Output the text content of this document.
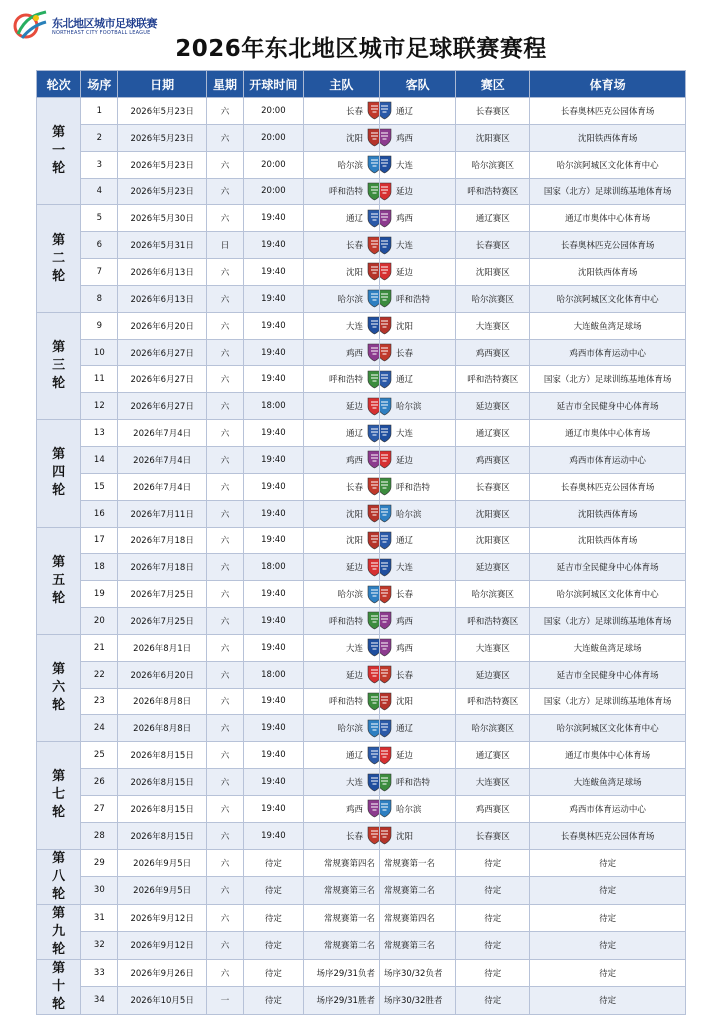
东北地区城市足球联赛
NORTHEAST CITY FOOTBALL LEAGUE
2026年东北地区城市足球联赛赛程
轮次	场序	日期	星期	开球时间	主队	客队	赛区	体育场

第
一
轮	1	2026年5月23日	六	20:00	长春	通辽	长春赛区	长春奥林匹克公园体育场
	2	2026年5月23日	六	20:00	沈阳	鸡西	沈阳赛区	沈阳铁西体育场
	3	2026年5月23日	六	20:00	哈尔滨	大连	哈尔滨赛区	哈尔滨阿城区文化体育中心
	4	2026年5月23日	六	20:00	呼和浩特	延边	呼和浩特赛区	国家（北方）足球训练基地体育场

第
二
轮	5	2026年5月30日	六	19:40	通辽	鸡西	通辽赛区	通辽市奥体中心体育场
	6	2026年5月31日	日	19:40	长春	大连	长春赛区	长春奥林匹克公园体育场
	7	2026年6月13日	六	19:40	沈阳	延边	沈阳赛区	沈阳铁西体育场
	8	2026年6月13日	六	19:40	哈尔滨	呼和浩特	哈尔滨赛区	哈尔滨阿城区文化体育中心

第
三
轮	9	2026年6月20日	六	19:40	大连	沈阳	大连赛区	大连鲅鱼湾足球场
	10	2026年6月27日	六	19:40	鸡西	长春	鸡西赛区	鸡西市体育运动中心
	11	2026年6月27日	六	19:40	呼和浩特	通辽	呼和浩特赛区	国家（北方）足球训练基地体育场
	12	2026年6月27日	六	18:00	延边	哈尔滨	延边赛区	延吉市全民健身中心体育场

第
四
轮	13	2026年7月4日	六	19:40	通辽	大连	通辽赛区	通辽市奥体中心体育场
	14	2026年7月4日	六	19:40	鸡西	延边	鸡西赛区	鸡西市体育运动中心
	15	2026年7月4日	六	19:40	长春	呼和浩特	长春赛区	长春奥林匹克公园体育场
	16	2026年7月11日	六	19:40	沈阳	哈尔滨	沈阳赛区	沈阳铁西体育场

第
五
轮	17	2026年7月18日	六	19:40	沈阳	通辽	沈阳赛区	沈阳铁西体育场
	18	2026年7月18日	六	18:00	延边	大连	延边赛区	延吉市全民健身中心体育场
	19	2026年7月25日	六	19:40	哈尔滨	长春	哈尔滨赛区	哈尔滨阿城区文化体育中心
	20	2026年7月25日	六	19:40	呼和浩特	鸡西	呼和浩特赛区	国家（北方）足球训练基地体育场

第
六
轮	21	2026年8月1日	六	19:40	大连	鸡西	大连赛区	大连鲅鱼湾足球场
	22	2026年6月20日	六	18:00	延边	长春	延边赛区	延吉市全民健身中心体育场
	23	2026年8月8日	六	19:40	呼和浩特	沈阳	呼和浩特赛区	国家（北方）足球训练基地体育场
	24	2026年8月8日	六	19:40	哈尔滨	通辽	哈尔滨赛区	哈尔滨阿城区文化体育中心

第
七
轮	25	2026年8月15日	六	19:40	通辽	延边	通辽赛区	通辽市奥体中心体育场
	26	2026年8月15日	六	19:40	大连	呼和浩特	大连赛区	大连鲅鱼湾足球场
	27	2026年8月15日	六	19:40	鸡西	哈尔滨	鸡西赛区	鸡西市体育运动中心
	28	2026年8月15日	六	19:40	长春	沈阳	长春赛区	长春奥林匹克公园体育场

第
八
轮	29	2026年9月5日	六	待定	常规赛第四名	常规赛第一名	待定	待定
	30	2026年9月5日	六	待定	常规赛第三名	常规赛第二名	待定	待定

第
九
轮	31	2026年9月12日	六	待定	常规赛第一名	常规赛第四名	待定	待定
	32	2026年9月12日	六	待定	常规赛第二名	常规赛第三名	待定	待定

第
十
轮	33	2026年9月26日	六	待定	场序29/31负者	场序30/32负者	待定	待定
	34	2026年10月5日	一	待定	场序29/31胜者	场序30/32胜者	待定	待定
